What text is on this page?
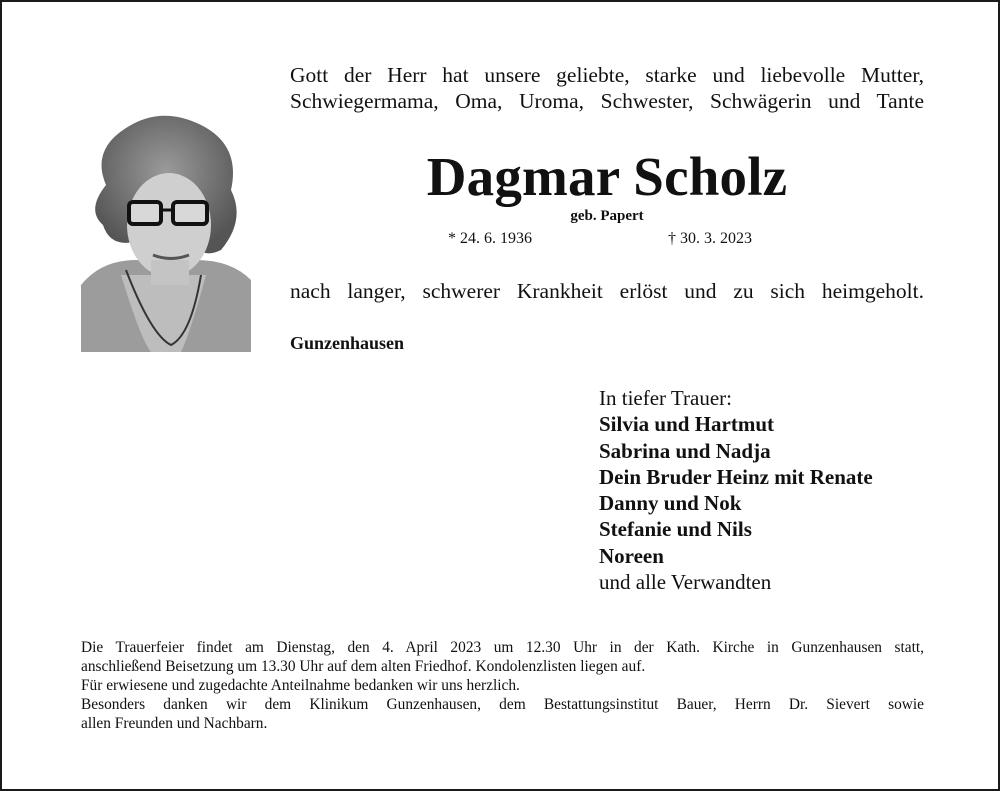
Gott der Herr hat unsere geliebte, starke und liebevolle Mutter,
Schwiegermama, Oma, Uroma, Schwester, Schwägerin und Tante
Dagmar Scholz
geb. Papert
* 24. 6. 1936	† 30. 3. 2023
nach langer, schwerer Krankheit erlöst und zu sich heimgeholt.
Gunzenhausen
In tiefer Trauer:
Silvia und Hartmut
Sabrina und Nadja
Dein Bruder Heinz mit Renate
Danny und Nok
Stefanie und Nils
Noreen
und alle Verwandten
Die Trauerfeier findet am Dienstag, den 4. April 2023 um 12.30 Uhr in der Kath. Kirche in Gunzenhausen statt,
anschließend Beisetzung um 13.30 Uhr auf dem alten Friedhof. Kondolenzlisten liegen auf.
Für erwiesene und zugedachte Anteilnahme bedanken wir uns herzlich.
Besonders danken wir dem Klinikum Gunzenhausen, dem Bestattungsinstitut Bauer, Herrn Dr. Sievert sowie
allen Freunden und Nachbarn.
